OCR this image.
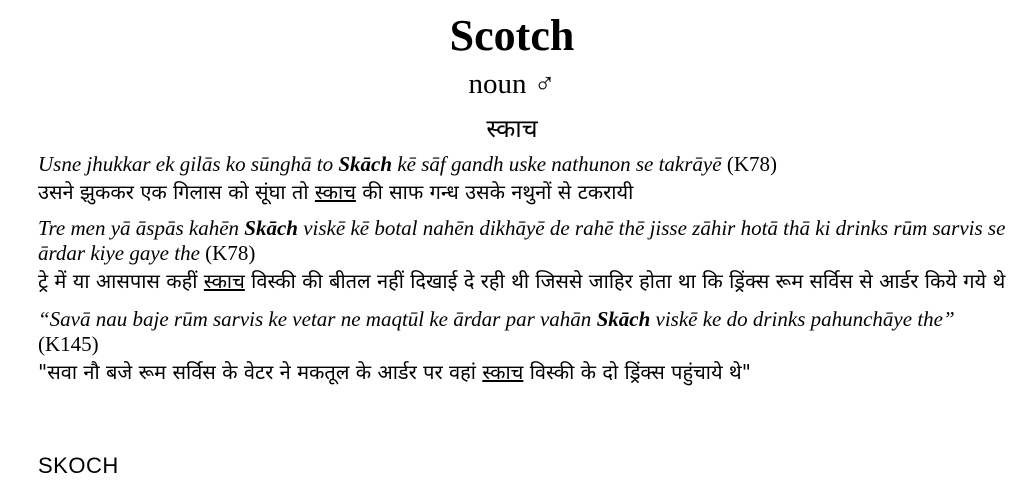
Scotch
noun ♂
स्काच
Usne jhukkar ek gilās ko sūnghā to Skāch kē sāf gandh uske nathunon se takrāyē (K78)
उसने झुककर एक गिलास को सूंघा तो स्काच की साफ गन्ध उसके नथुनों से टकरायी
Tre men yā āspās kahēn Skāch viskē kē botal nahēn dikhāyē de rahē thē jisse zāhir hotā thā ki drinks rūm sarvis se ārdar kiye gaye the (K78)
ट्रे में या आसपास कहीं स्काच विस्की की बीतल नहीं दिखाई दे रही थी जिससे जाहिर होता था कि ड्रिंक्स रूम सर्विस से आर्डर किये गये थे
“Savā nau baje rūm sarvis ke vetar ne maqtūl ke ārdar par vahān Skāch viskē ke do drinks pahunchāye the” (K145)
"सवा नौ बजे रूम सर्विस के वेटर ने मकतूल के आर्डर पर वहां स्काच विस्की के दो ड्रिंक्स पहुंचाये थे"
SKOCH
